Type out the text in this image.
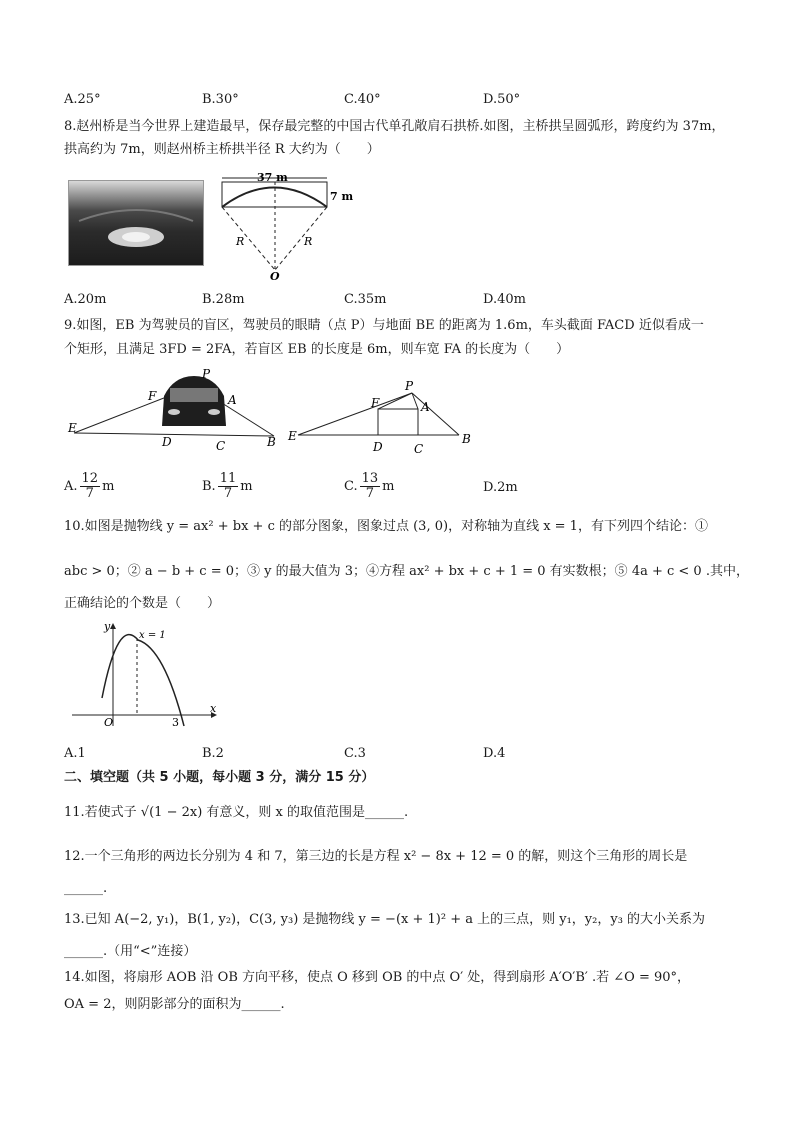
A.25°	B.30°	C.40°	D.50°
8.赵州桥是当今世界上建造最早，保存最完整的中国古代单孔敞肩石拱桥.如图，主桥拱呈圆弧形，跨度约为 37m，
拱高约为 7m，则赵州桥主桥拱半径 R 大约为（　　）
37 m
7 m
R	R
O
A.20m	B.28m	C.35m	D.40m
9.如图，EB 为驾驶员的盲区，驾驶员的眼睛（点 P）与地面 BE 的距离为 1.6m，车头截面 FACD 近似看成一
个矩形，且满足 3FD = 2FA，若盲区 EB 的长度是 6m，则车宽 FA 的长度为（　　）
E
F
P
A
D	C	B E
F
P
A
D	C
B
A. $\frac{12}{7}$ m	B. $\frac{11}{7}$ m	C. $\frac{13}{7}$ m	D.2m
10.如图是抛物线 y = ax² + bx + c 的部分图象，图象过点 (3, 0)，对称轴为直线 x = 1，有下列四个结论：①
abc > 0；② a − b + c = 0；③ y 的最大值为 3；④方程 ax² + bx + c + 1 = 0 有实数根；⑤ 4a + c < 0 .其中，
正确结论的个数是（　　）
y
x
x = 1
O	3
A.1	B.2	C.3	D.4
二、填空题（共 5 小题，每小题 3 分，满分 15 分）
11.若使式子 √(1 − 2x) 有意义，则 x 的取值范围是______.
12.一个三角形的两边长分别为 4 和 7，第三边的长是方程 x² − 8x + 12 = 0 的解，则这个三角形的周长是
______.
13.已知 A(−2, y₁)，B(1, y₂)，C(3, y₃) 是抛物线 y = −(x + 1)² + a 上的三点，则 y₁，y₂，y₃ 的大小关系为
______.（用“<”连接）
14.如图，将扇形 AOB 沿 OB 方向平移，使点 O 移到 OB 的中点 O′ 处，得到扇形 A′O′B′ .若 ∠O = 90°，
OA = 2，则阴影部分的面积为______.
